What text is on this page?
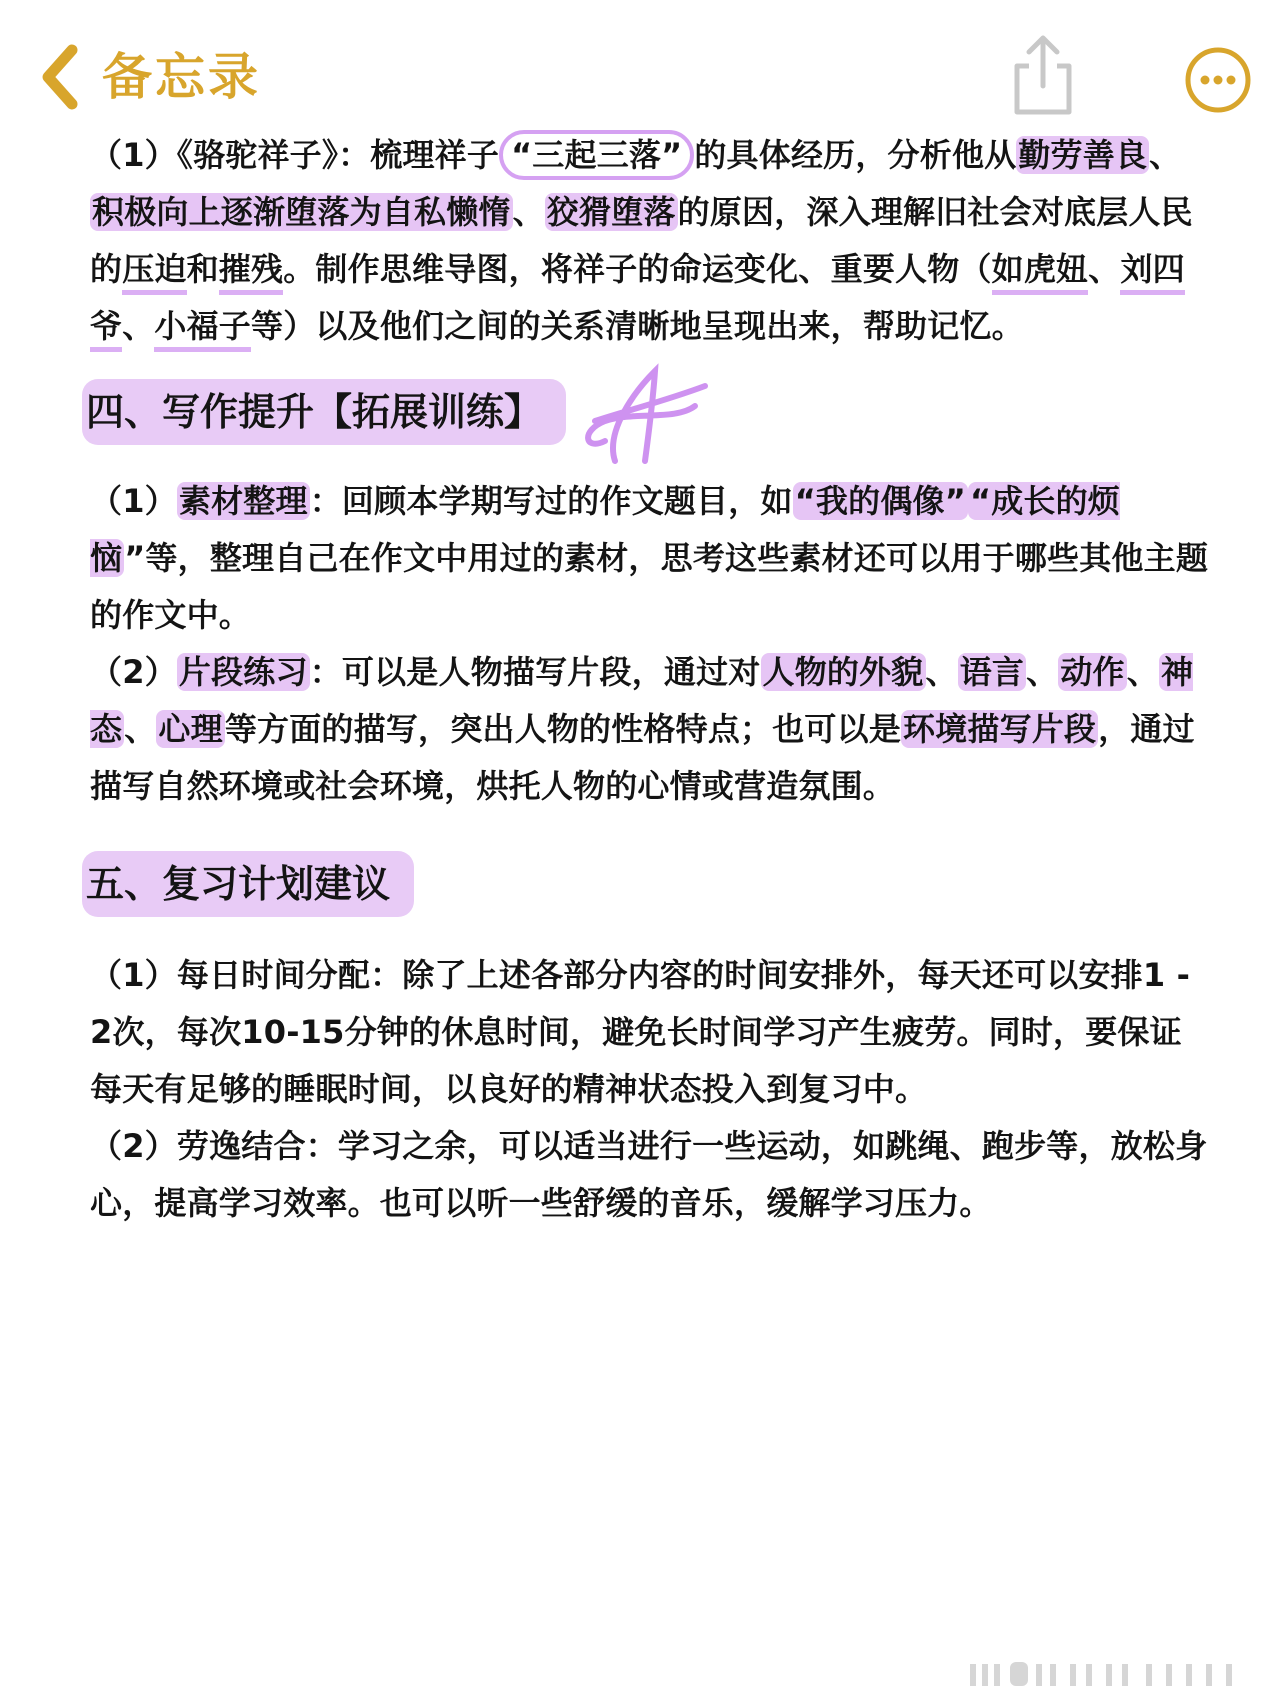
备忘录

（1）《骆驼祥子》：梳理祥子 “三起三落” 的具体经历，分析他从勤劳善良、积极向上逐渐堕落为自私懒惰、狡猾堕落的原因，深入理解旧社会对底层人民的压迫和摧残。制作思维导图，将祥子的命运变化、重要人物（如虎妞、刘四爷、小福子等）以及他们之间的关系清晰地呈现出来，帮助记忆。

四、写作提升【拓展训练】

（1）素材整理：回顾本学期写过的作文题目，如“我的偶像” “成长的烦恼”等，整理自己在作文中用过的素材，思考这些素材还可以用于哪些其他主题的作文中。

（2）片段练习：可以是人物描写片段，通过对人物的外貌、语言、动作、神态、心理等方面的描写，突出人物的性格特点；也可以是环境描写片段，通过描写自然环境或社会环境，烘托人物的心情或营造氛围。

五、复习计划建议

（1）每日时间分配：除了上述各部分内容的时间安排外，每天还可以安排1 - 2次，每次10-15分钟的休息时间，避免长时间学习产生疲劳。同时，要保证每天有足够的睡眠时间，以良好的精神状态投入到复习中。

（2）劳逸结合：学习之余，可以适当进行一些运动，如跳绳、跑步等，放松身心，提高学习效率。也可以听一些舒缓的音乐，缓解学习压力。
